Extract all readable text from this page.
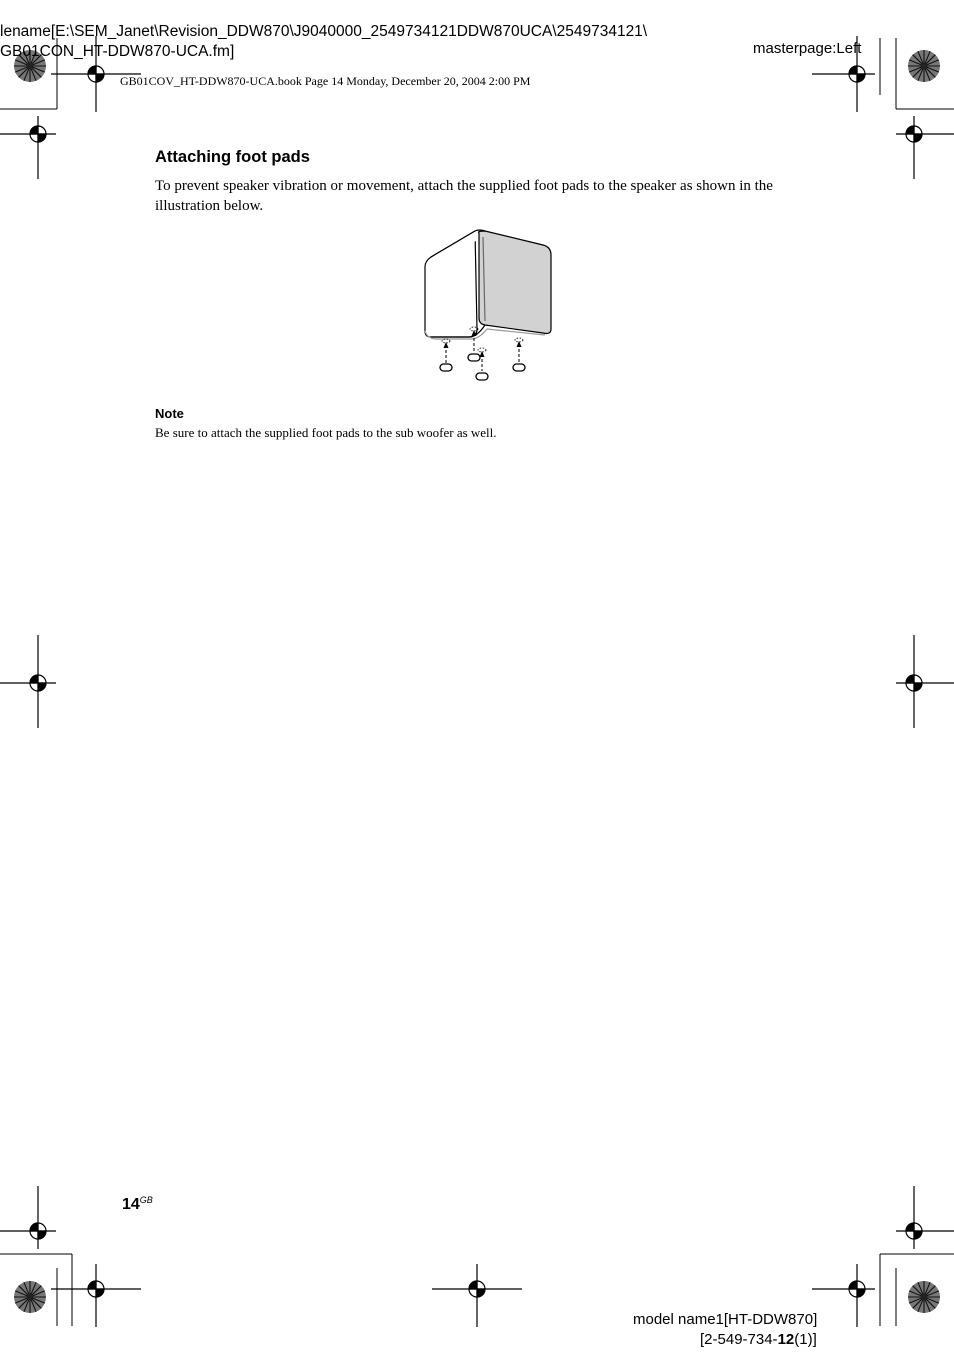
lename[E:\SEM_Janet\Revision_DDW870\J9040000_2549734121DDW870UCA\2549734121\
GB01CON_HT-DDW870-UCA.fm]	masterpage:Left
GB01COV_HT-DDW870-UCA.book Page 14 Monday, December 20, 2004 2:00 PM
Attaching foot pads
To prevent speaker vibration or movement, attach the supplied foot pads to the speaker as shown in the illustration below.
Note
Be sure to attach the supplied foot pads to the sub woofer as well.
$14^{GB}$
model name1[HT-DDW870]
[2-549-734-12(1)]
